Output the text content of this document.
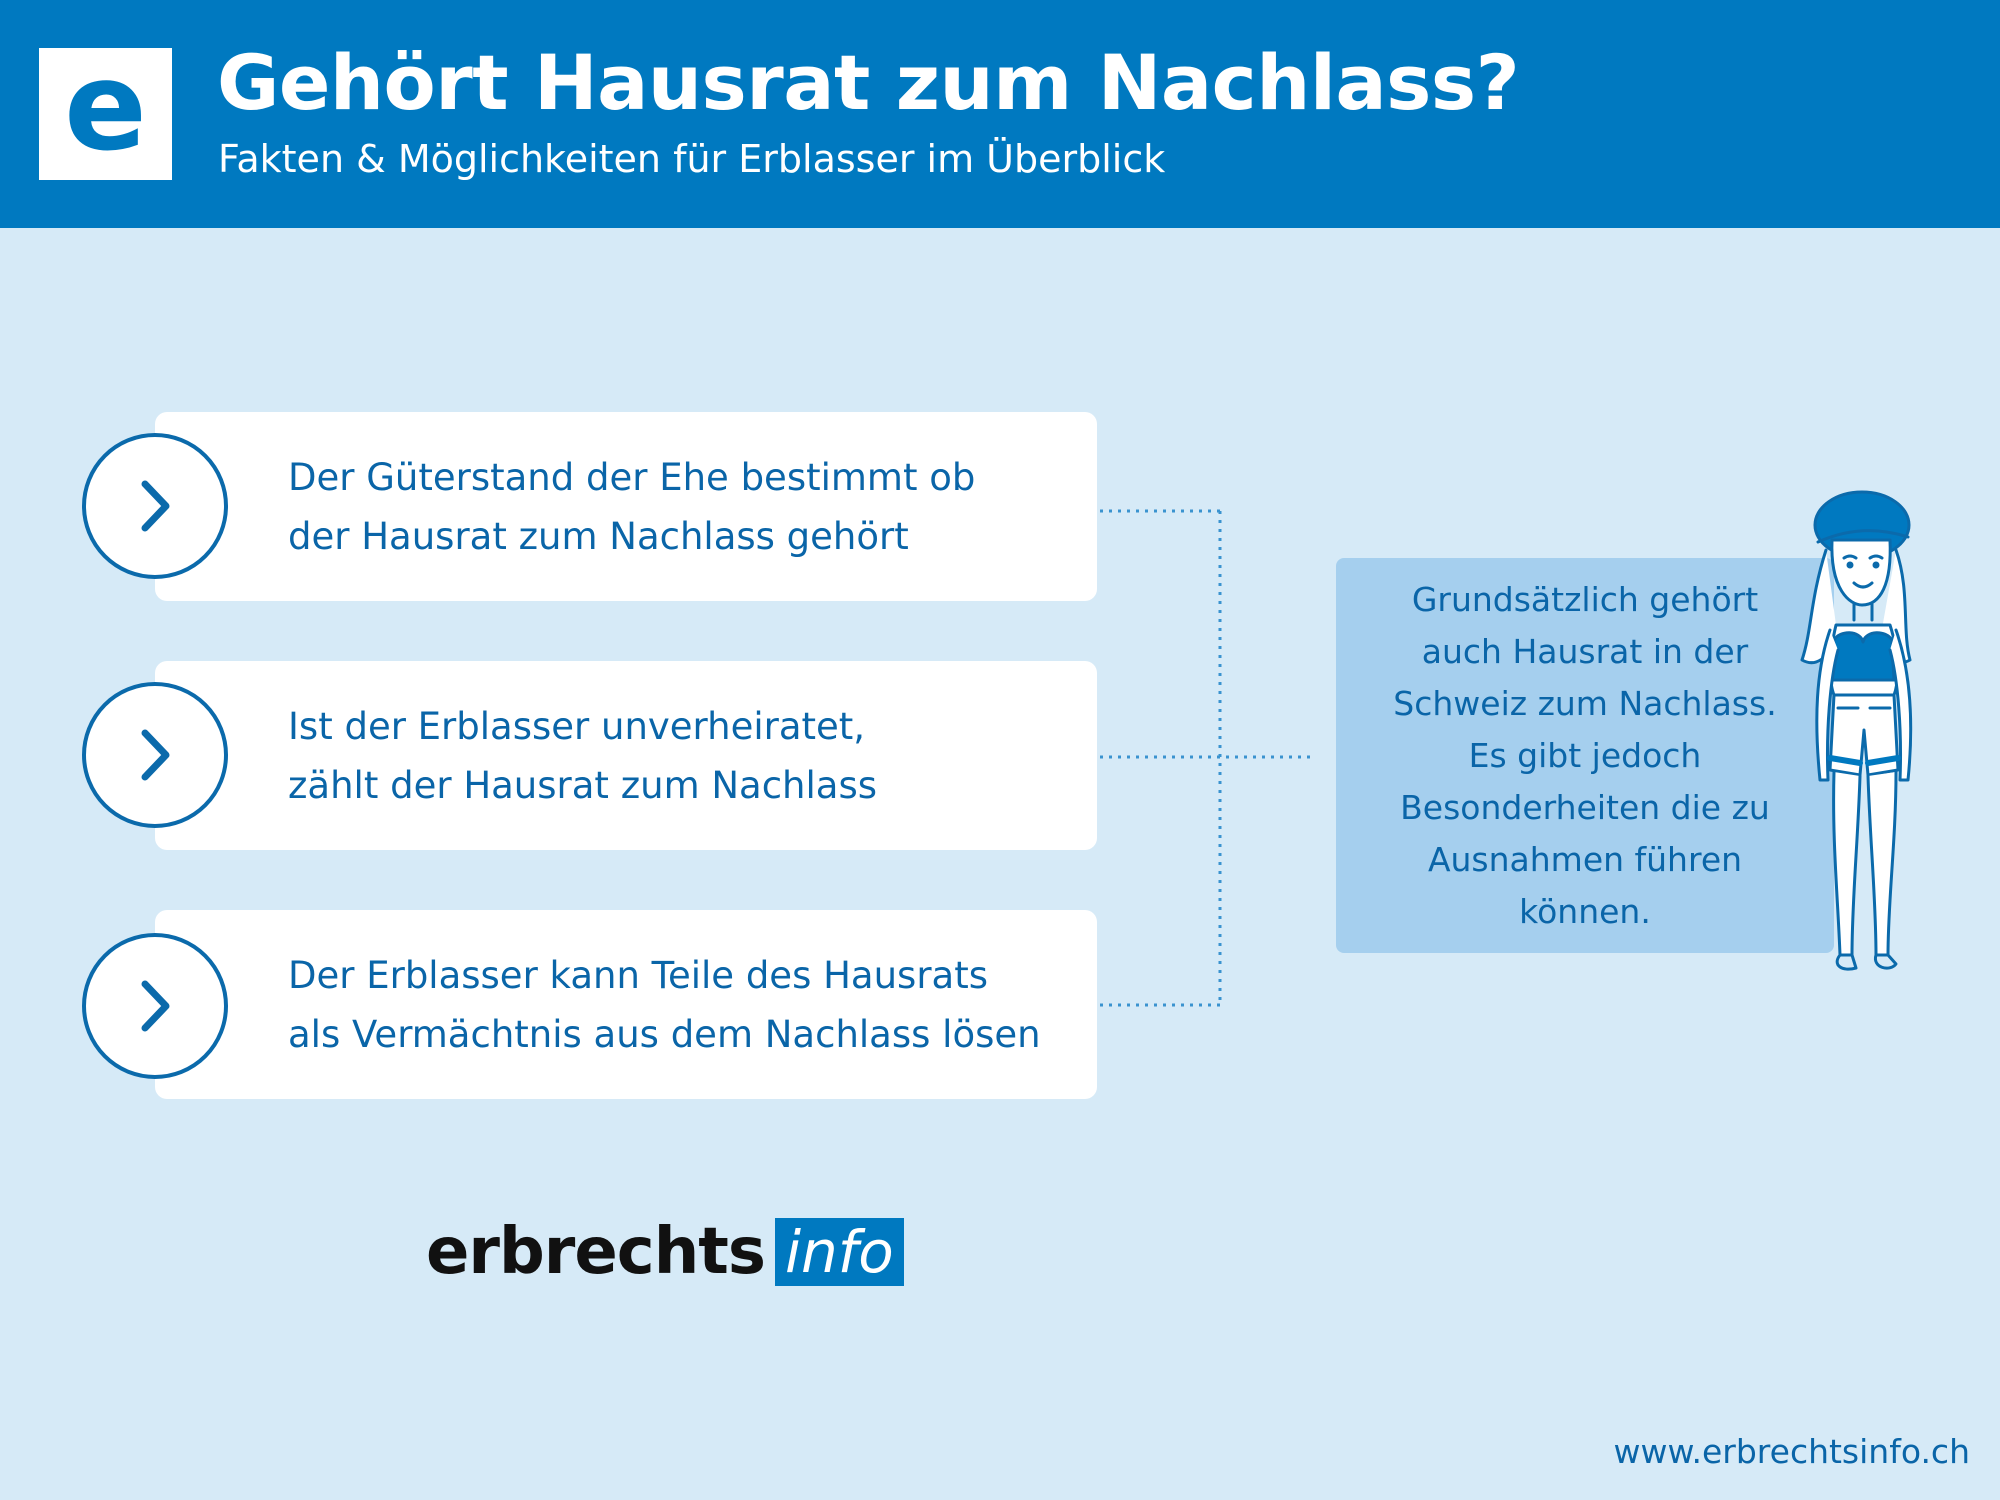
e Gehört Hausrat zum Nachlass?
Fakten & Möglichkeiten für Erblasser im Überblick
Der Güterstand der Ehe bestimmt ob
der Hausrat zum Nachlass gehört
Ist der Erblasser unverheiratet,
zählt der Hausrat zum Nachlass
Der Erblasser kann Teile des Hausrats
als Vermächtnis aus dem Nachlass lösen
Grundsätzlich gehört
auch Hausrat in der
Schweiz zum Nachlass.
Es gibt jedoch
Besonderheiten die zu
Ausnahmen führen
können.
erbrechts info
www.erbrechtsinfo.ch
